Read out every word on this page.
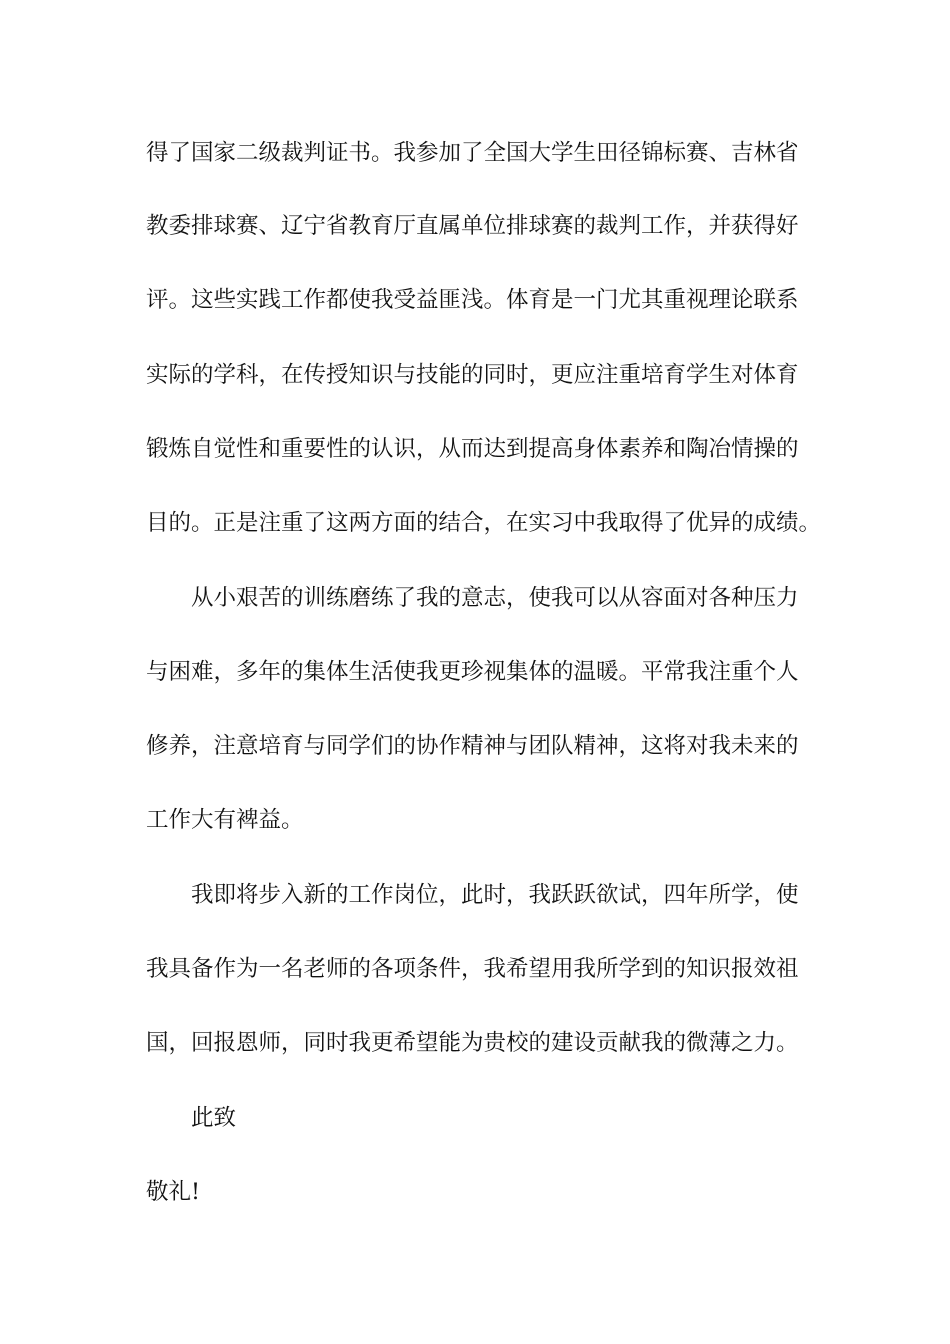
得了国家二级裁判证书。我参加了全国大学生田径锦标赛、吉林省
教委排球赛、辽宁省教育厅直属单位排球赛的裁判工作，并获得好
评。这些实践工作都使我受益匪浅。体育是一门尤其重视理论联系
实际的学科，在传授知识与技能的同时，更应注重培育学生对体育
锻炼自觉性和重要性的认识，从而达到提高身体素养和陶冶情操的
目的。正是注重了这两方面的结合，在实习中我取得了优异的成绩。
从小艰苦的训练磨练了我的意志，使我可以从容面对各种压力
与困难，多年的集体生活使我更珍视集体的温暖。平常我注重个人
修养，注意培育与同学们的协作精神与团队精神，这将对我未来的
工作大有裨益。
我即将步入新的工作岗位，此时，我跃跃欲试，四年所学，使
我具备作为一名老师的各项条件，我希望用我所学到的知识报效祖
国，回报恩师，同时我更希望能为贵校的建设贡献我的微薄之力。
此致
敬礼!
